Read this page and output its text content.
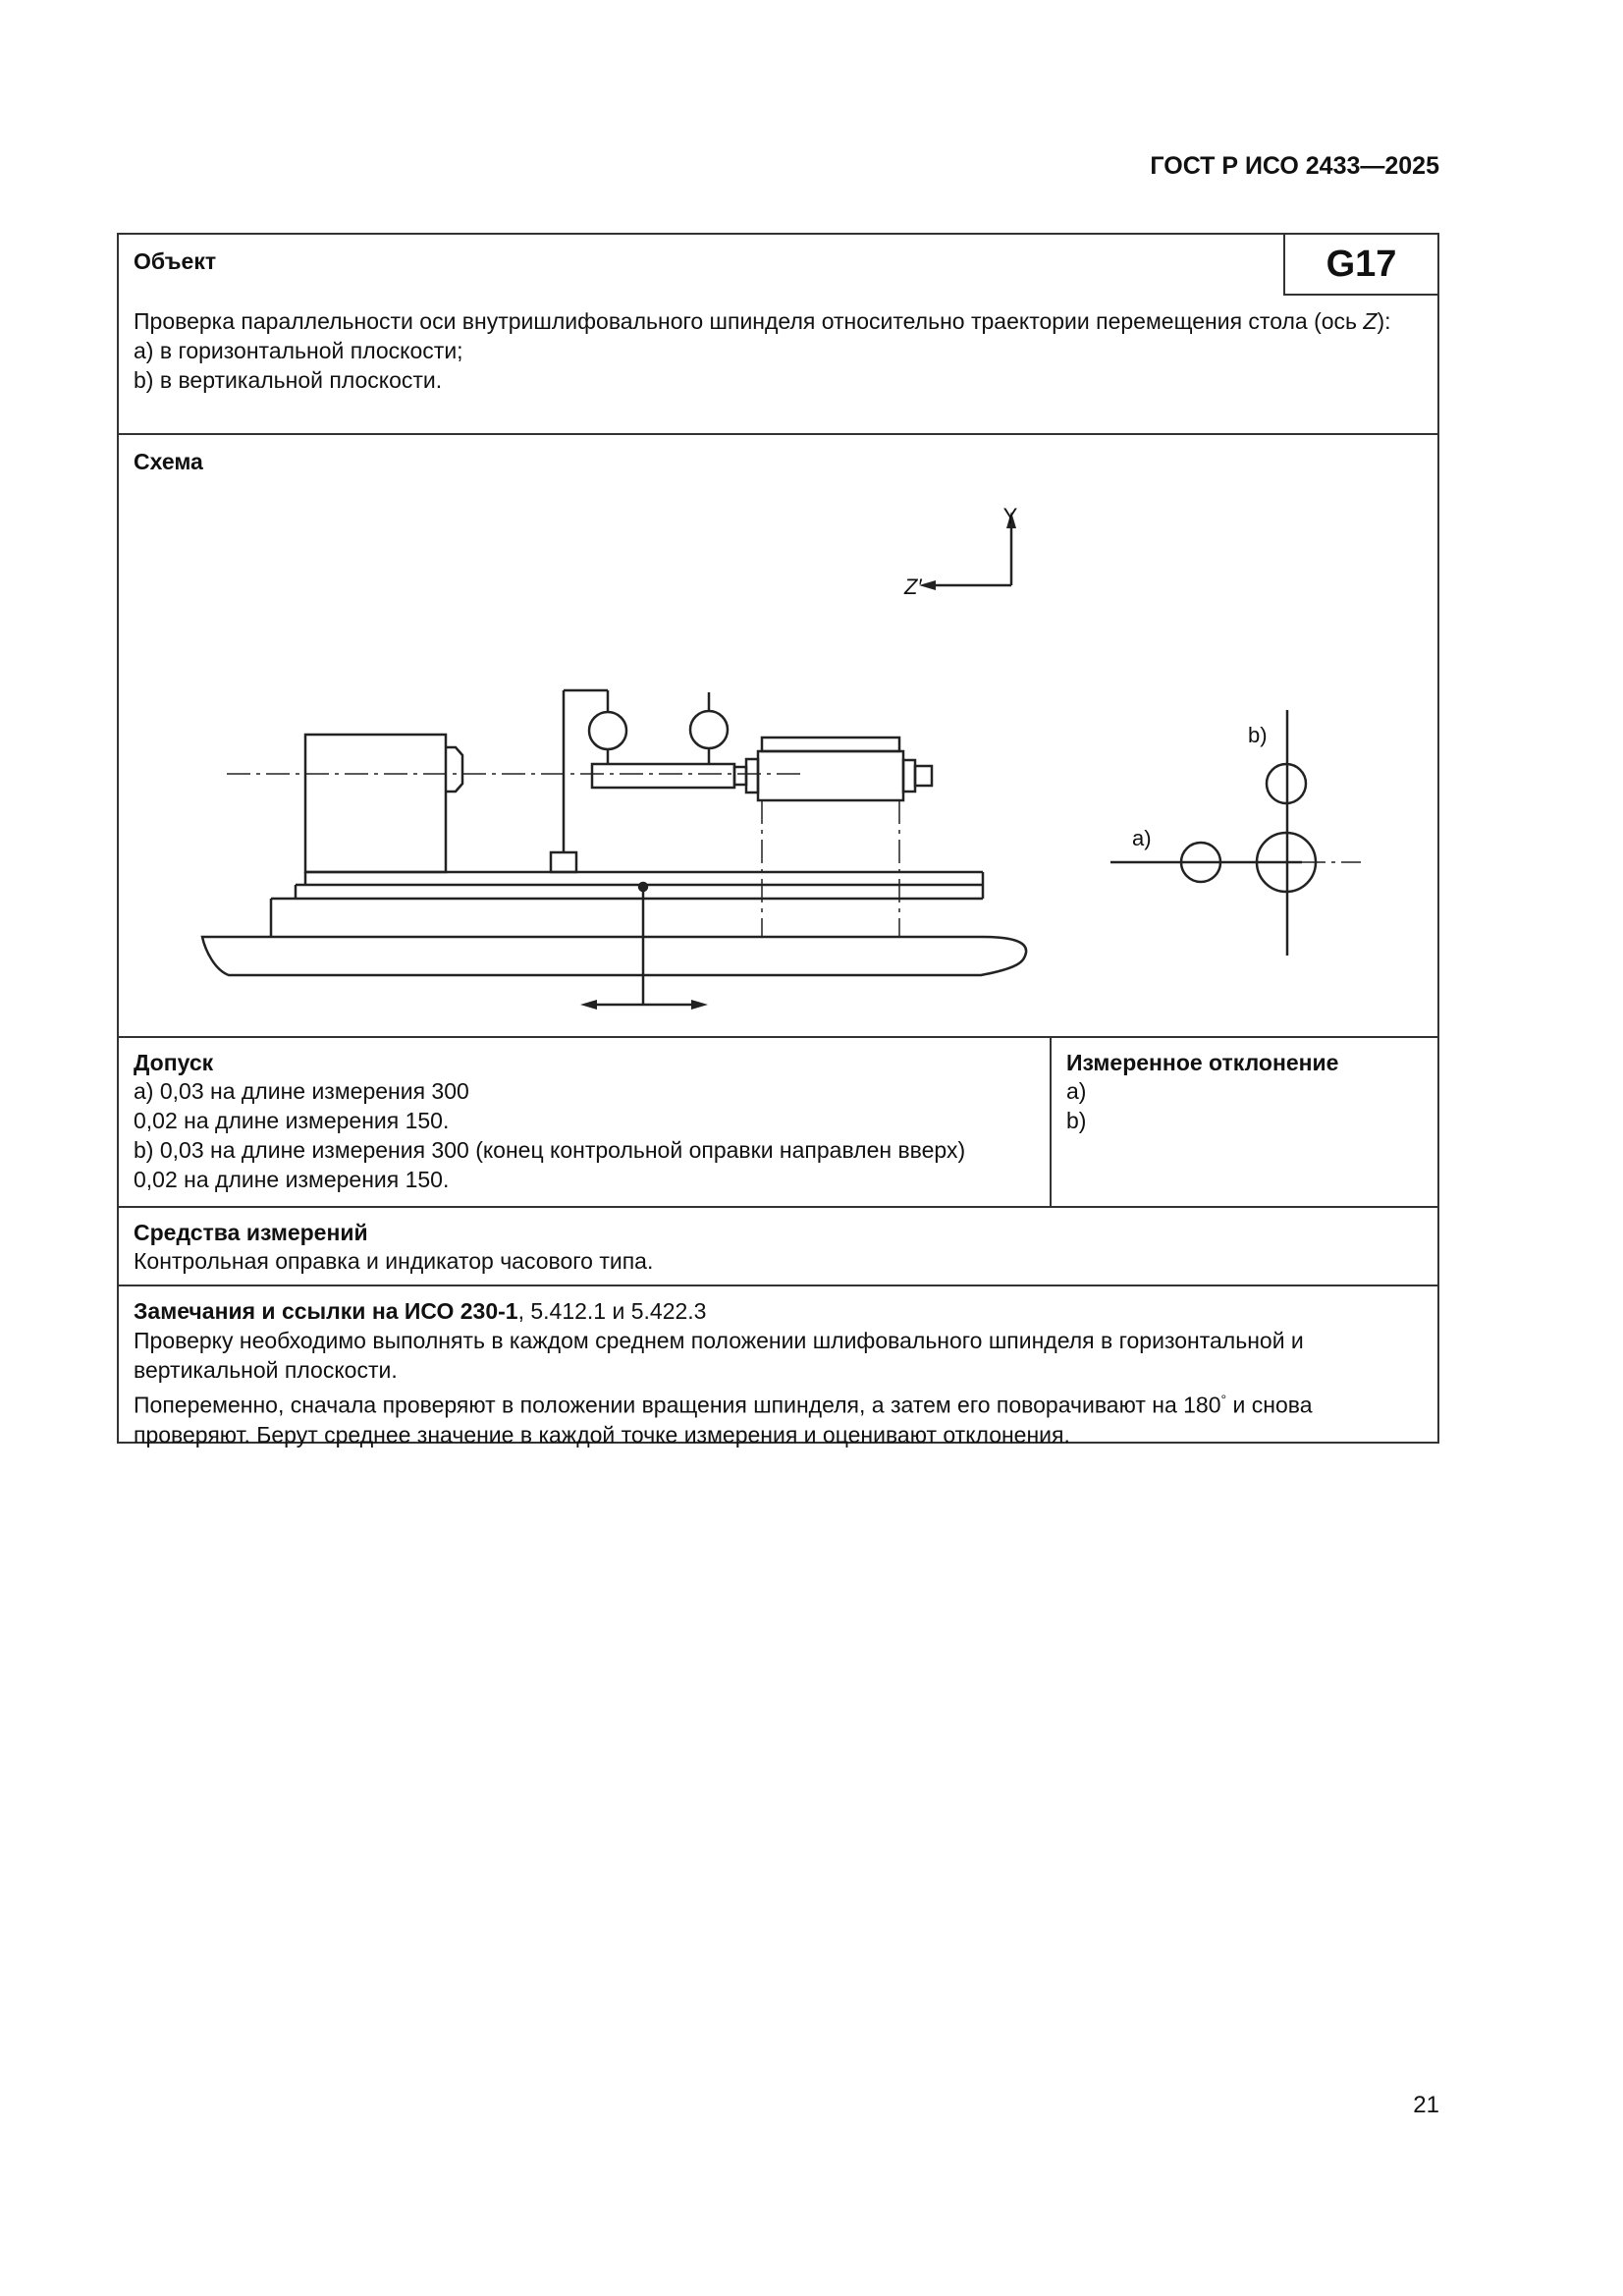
ГОСТ Р ИСО 2433—2025
Объект	G17
Проверка параллельности оси внутришлифовального шпинделя относительно траектории перемещения стола (ось Z):
a) в горизонтальной плоскости;
b) в вертикальной плоскости.
Схема
Y
Z′
b)
a)
Допуск
a) 0,03 на длине измерения 300
0,02 на длине измерения 150.
b) 0,03 на длине измерения 300 (конец контрольной оправки направлен вверх)
0,02 на длине измерения 150.
Измеренное отклонение
a)
b)
Средства измерений
Контрольная оправка и индикатор часового типа.
Замечания и ссылки на ИСО 230-1, 5.412.1 и 5.422.3
Проверку необходимо выполнять в каждом среднем положении шлифовального шпинделя в горизонтальной и вертикальной плоскости.
Попеременно, сначала проверяют в положении вращения шпинделя, а затем его поворачивают на 180° и снова проверяют. Берут среднее значение в каждой точке измерения и оценивают отклонения.
21
